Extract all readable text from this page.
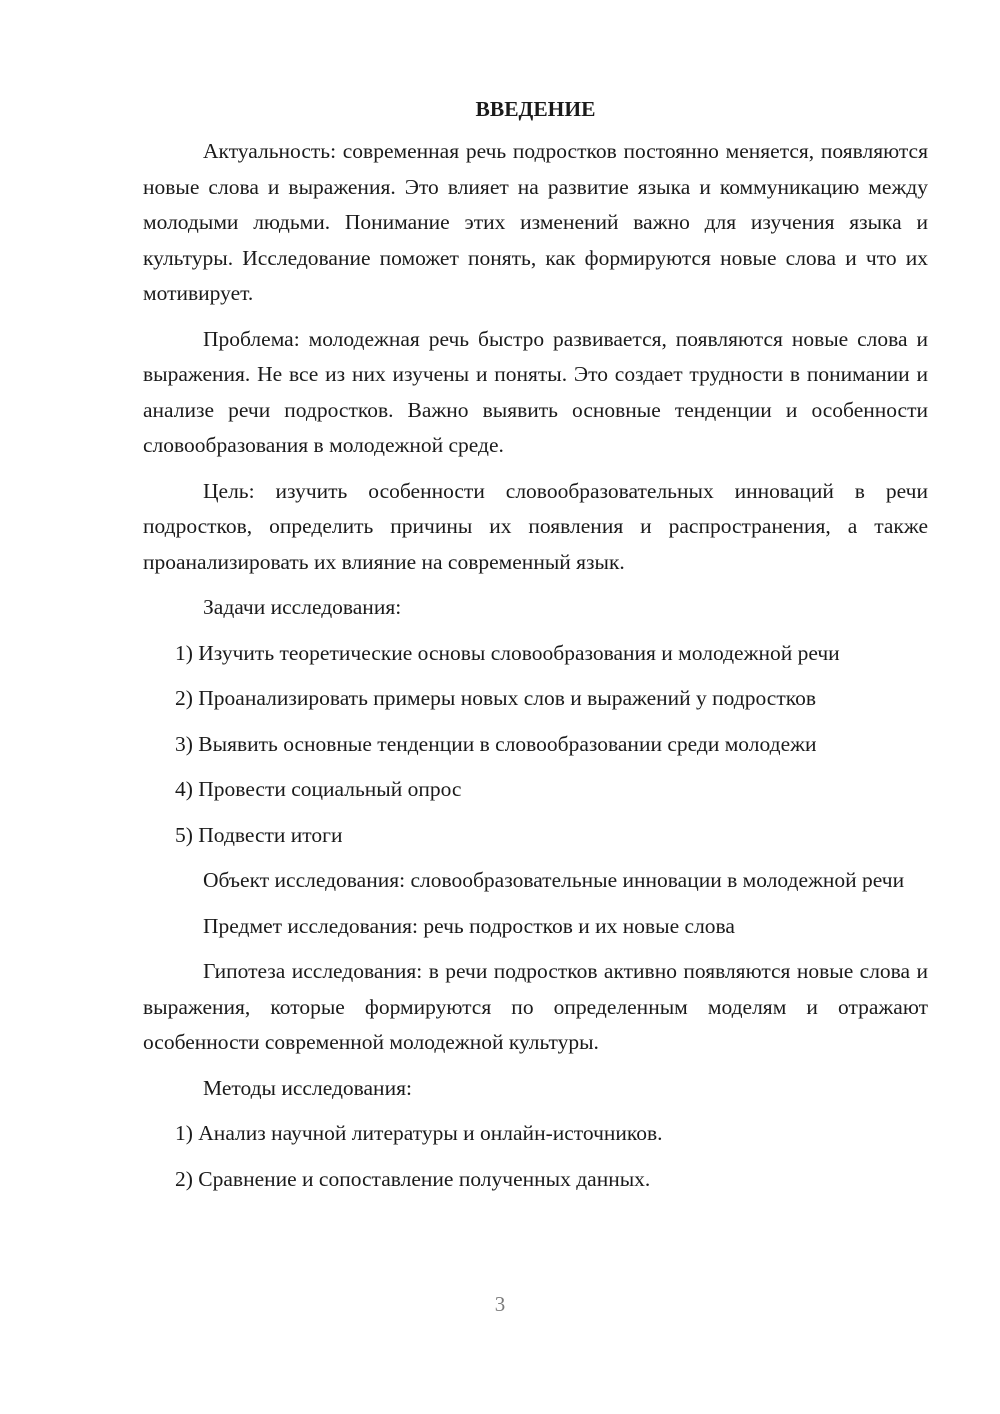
ВВЕДЕНИЕ

Актуальность: современная речь подростков постоянно меняется, появляются новые слова и выражения. Это влияет на развитие языка и коммуникацию между молодыми людьми. Понимание этих изменений важно для изучения языка и культуры. Исследование поможет понять, как формируются новые слова и что их мотивирует.

Проблема: молодежная речь быстро развивается, появляются новые слова и выражения. Не все из них изучены и поняты. Это создает трудности в понимании и анализе речи подростков. Важно выявить основные тенденции и особенности словообразования в молодежной среде.

Цель: изучить особенности словообразовательных инноваций в речи подростков, определить причины их появления и распространения, а также проанализировать их влияние на современный язык.

Задачи исследования:

1) Изучить теоретические основы словообразования и молодежной речи

2) Проанализировать примеры новых слов и выражений у подростков

3) Выявить основные тенденции в словообразовании среди молодежи

4) Провести социальный опрос

5) Подвести итоги

Объект исследования: словообразовательные инновации в молодежной речи

Предмет исследования: речь подростков и их новые слова

Гипотеза исследования: в речи подростков активно появляются новые слова и выражения, которые формируются по определенным моделям и отражают особенности современной молодежной культуры.

Методы исследования:

1) Анализ научной литературы и онлайн-источников.

2) Сравнение и сопоставление полученных данных.

3
